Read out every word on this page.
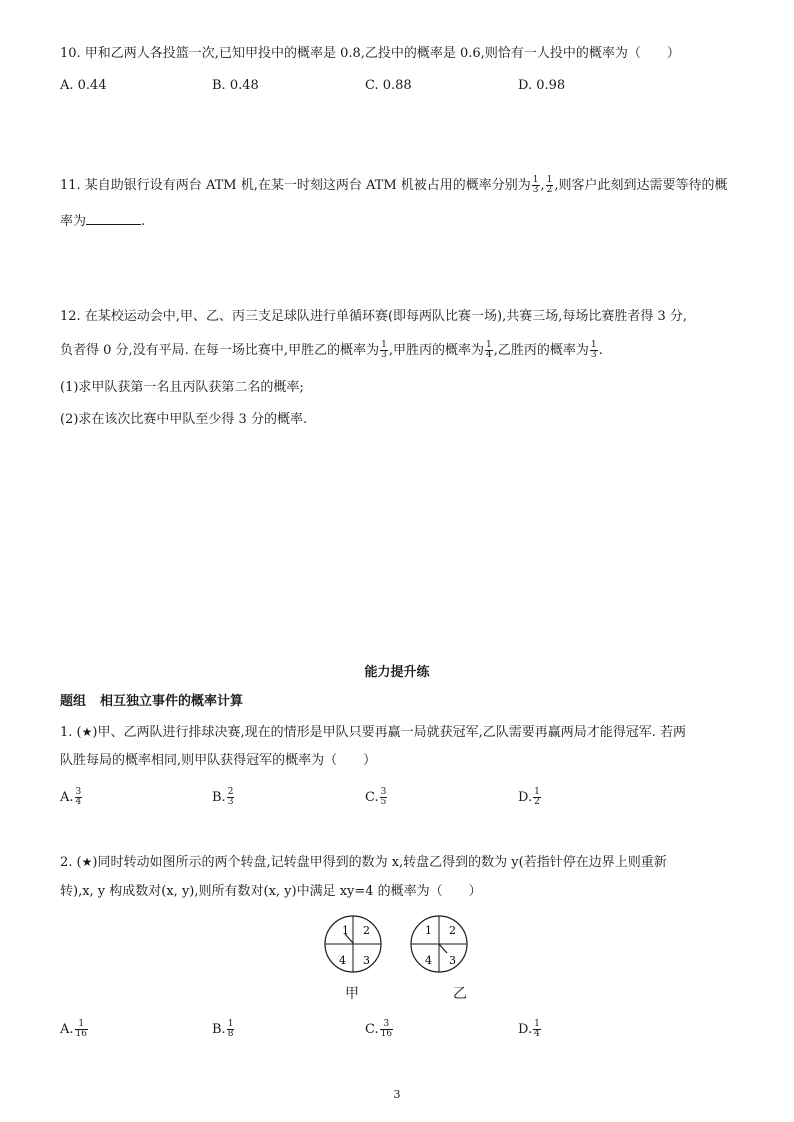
10. 甲和乙两人各投篮一次,已知甲投中的概率是 0.8,乙投中的概率是 0.6,则恰有一人投中的概率为（　　）
A. 0.44	B. 0.48	C. 0.88	D. 0.98
11. 某自助银行设有两台 ATM 机,在某一时刻这两台 ATM 机被占用的概率分别为 $\frac{1}{3}$ , $\frac{1}{2}$ ,则客户此刻到达需要等待的概
率为	.
12. 在某校运动会中,甲、乙、丙三支足球队进行单循环赛(即每两队比赛一场),共赛三场,每场比赛胜者得 3 分,
负者得 0 分,没有平局. 在每一场比赛中,甲胜乙的概率为 $\frac{1}{3}$ ,甲胜丙的概率为 $\frac{1}{4}$ ,乙胜丙的概率为 $\frac{1}{3}$ .
(1)求甲队获第一名且丙队获第二名的概率;
(2)求在该次比赛中甲队至少得 3 分的概率.
能力提升练
题组 相互独立事件的概率计算
1. (★)甲、乙两队进行排球决赛,现在的情形是甲队只要再赢一局就获冠军,乙队需要再赢两局才能得冠军. 若两
队胜每局的概率相同,则甲队获得冠军的概率为（　　）
A. $\frac{3}{4}$	B. $\frac{2}{3}$	C. $\frac{3}{5}$	D. $\frac{1}{2}$
2. (★)同时转动如图所示的两个转盘,记转盘甲得到的数为 x,转盘乙得到的数为 y(若指针停在边界上则重新
转),x, y 构成数对(x, y),则所有数对(x, y)中满足 xy=4 的概率为（　　）
1 2
4 3
1 2
4 3
甲	乙
A. $\frac{1}{16}$	B. $\frac{1}{8}$	C. $\frac{3}{16}$	D. $\frac{1}{4}$
3
